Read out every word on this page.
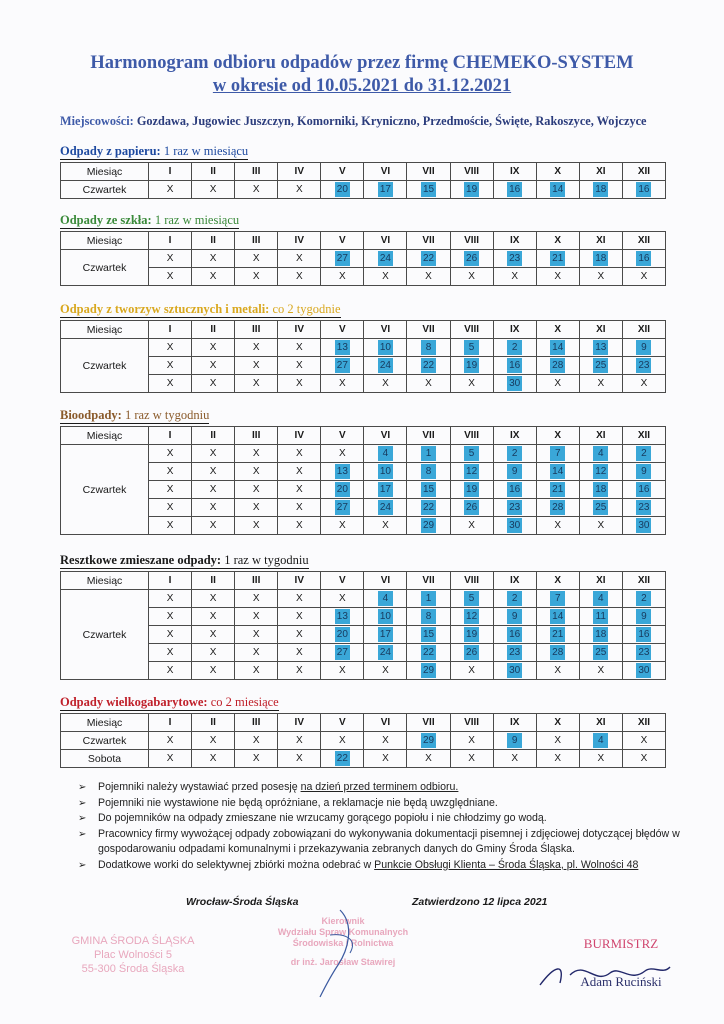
Harmonogram odbioru odpadów przez firmę CHEMEKO-SYSTEM
w okresie od 10.05.2021 do 31.12.2021
Miejscowości: Gozdawa, Jugowiec Juszczyn, Komorniki, Kryniczno, Przedmoście, Święte, Rakoszyce, Wojczyce
Odpady z papieru: 1 raz w miesiącu
Miesiąc	I	II	III	IV	V	VI	VII	VIII	IX	X	XI	XII
Czwartek	X	X	X	X	20	17	15	19	16	14	18	16
Odpady ze szkła: 1 raz w miesiącu
Miesiąc	I	II	III	IV	V	VI	VII	VIII	IX	X	XI	XII
Czwartek	X	X	X	X	27	24	22	26	23	21	18	16
	X	X	X	X	X	X	X	X	X	X	X	X
Odpady z tworzyw sztucznych i metali: co 2 tygodnie
Miesiąc	I	II	III	IV	V	VI	VII	VIII	IX	X	XI	XII
Czwartek	X	X	X	X	13	10	8	5	2	14	13	9
	X	X	X	X	27	24	22	19	16	28	25	23
	X	X	X	X	X	X	X	X	30	X	X	X
Bioodpady: 1 raz w tygodniu
Miesiąc	I	II	III	IV	V	VI	VII	VIII	IX	X	XI	XII
Czwartek	X	X	X	X	X	4	1	5	2	7	4	2
	X	X	X	X	13	10	8	12	9	14	12	9
	X	X	X	X	20	17	15	19	16	21	18	16
	X	X	X	X	27	24	22	26	23	28	25	23
	X	X	X	X	X	X	29	X	30	X	X	30
Resztkowe zmieszane odpady: 1 raz w tygodniu
Miesiąc	I	II	III	IV	V	VI	VII	VIII	IX	X	XI	XII
Czwartek	X	X	X	X	X	4	1	5	2	7	4	2
	X	X	X	X	13	10	8	12	9	14	11	9
	X	X	X	X	20	17	15	19	16	21	18	16
	X	X	X	X	27	24	22	26	23	28	25	23
	X	X	X	X	X	X	29	X	30	X	X	30
Odpady wielkogabarytowe: co 2 miesiące
Miesiąc	I	II	III	IV	V	VI	VII	VIII	IX	X	XI	XII
Czwartek	X	X	X	X	X	X	29	X	9	X	4	X
Sobota	X	X	X	X	22	X	X	X	X	X	X	X
➢	Pojemniki należy wystawiać przed posesję na dzień przed terminem odbioru.
➢	Pojemniki nie wystawione nie będą opróżniane, a reklamacje nie będą uwzględniane.
➢	Do pojemników na odpady zmieszane nie wrzucamy gorącego popiołu i nie chłodzimy go wodą.
➢	Pracownicy firmy wywożącej odpady zobowiązani do wykonywania dokumentacji pisemnej i zdjęciowej dotyczącej błędów w gospodarowaniu odpadami komunalnymi i przekazywania zebranych danych do Gminy Środa Śląska.
➢	Dodatkowe worki do selektywnej zbiórki można odebrać w Punkcie Obsługi Klienta – Środa Śląska, pl. Wolności 48
Wrocław-Środa Śląska	Zatwierdzono 12 lipca 2021
GMINA ŚRODA ŚLĄSKA
Plac Wolności 5
55-300 Środa Śląska
Kierownik
Wydziału Spraw Komunalnych
Środowiska i Rolnictwa
dr inż. Jarosław Stawirej
BURMISTRZ
Adam Ruciński
